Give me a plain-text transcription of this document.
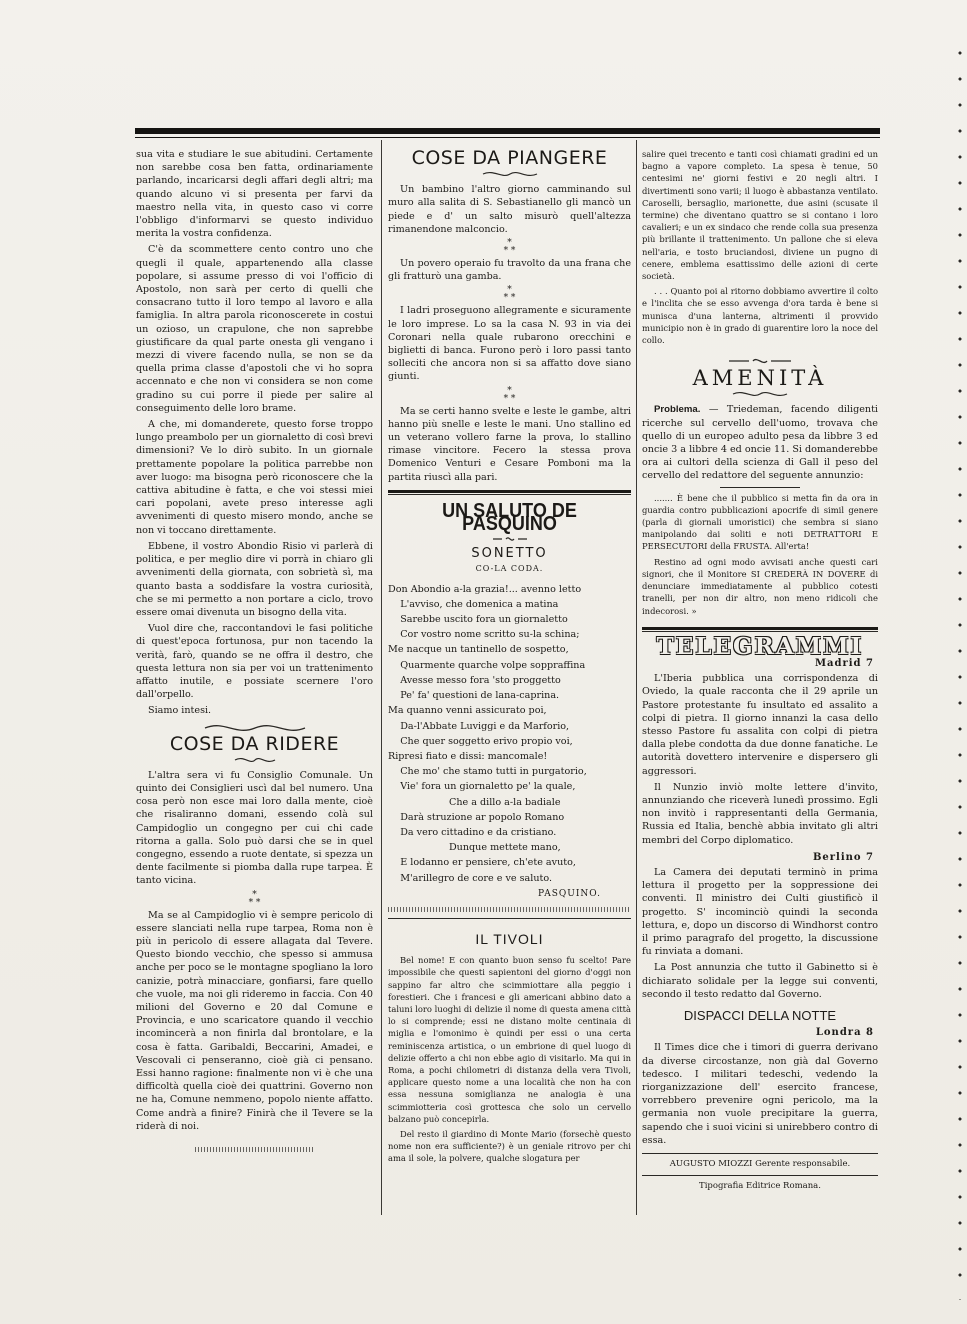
sua vita e studiare le sue abitudini. Certamente non sarebbe cosa ben fatta, ordinariamente parlando, incaricarsi degli affari degli altri; ma quando alcuno vi si presenta per farvi da maestro nella vita, in questo caso vi corre l'obbligo d'informarvi se questo individuo merita la vostra confidenza.

C'è da scommettere cento contro uno che quegli il quale, appartenendo alla classe popolare, si assume presso di voi l'officio di Apostolo, non sarà per certo di quelli che consacrano tutto il loro tempo al lavoro e alla famiglia. In altra parola riconoscerete in costui un ozioso, un crapulone, che non saprebbe giustificare da qual parte onesta gli vengano i mezzi di vivere facendo nulla, se non se da quella prima classe d'apostoli che vi ho sopra accennato e che non vi considera se non come gradino su cui porre il piede per salire al conseguimento delle loro brame.

A che, mi domanderete, questo forse troppo lungo preambolo per un giornaletto di così brevi dimensioni? Ve lo dirò subito. In un giornale prettamente popolare la politica parrebbe non aver luogo: ma bisogna però riconoscere che la cattiva abitudine è fatta, e che voi stessi miei cari popolani, avete preso interesse agli avvenimenti di questo misero mondo, anche se non vi toccano direttamente.

Ebbene, il vostro Abondio Risio vi parlerà di politica, e per meglio dire vi porrà in chiaro gli avvenimenti della giornata, con sobrietà sì, ma quanto basta a soddisfare la vostra curiosità, che se mi permetto a non portare a ciclo, trovo essere omai divenuta un bisogno della vita.

Vuol dire che, raccontandovi le fasi politiche di quest'epoca fortunosa, pur non tacendo la verità, farò, quando se ne offra il destro, che questa lettura non sia per voi un trattenimento affatto inutile, e possiate scernere l'oro dall'orpello.

Siamo intesi.

COSE DA RIDERE

L'altra sera vi fu Consiglio Comunale. Un quinto dei Consiglieri uscì dal bel numero. Una cosa però non esce mai loro dalla mente, cioè che risaliranno domani, essendo colà sul Campidoglio un congegno per cui chi cade ritorna a galla. Solo può darsi che se in quel congegno, essendo a ruote dentate, si spezza un dente facilmente si piomba dalla rupe tarpea. È tanto vicina.

*
* *

Ma se al Campidoglio vi è sempre pericolo di essere slanciati nella rupe tarpea, Roma non è più in pericolo di essere allagata dal Tevere. Questo biondo vecchio, che spesso si ammusa anche per poco se le montagne spogliano la loro canizie, potrà minacciare, gonfiarsi, fare quello che vuole, ma noi gli rideremo in faccia. Con 40 milioni del Governo e 20 dal Comune e Provincia, e uno scaricatore quando il vecchio incomincerà a non finirla dal brontolare, e la cosa è fatta. Garibaldi, Beccarini, Amadei, e Vescovali ci penseranno, cioè già ci pensano. Essi hanno ragione: finalmente non vi è che una difficoltà quella cioè dei quattrini. Governo non ne ha, Comune nemmeno, popolo niente affatto. Come andrà a finire? Finirà che il Tevere se la riderà di noi.

COSE DA PIANGERE

Un bambino l'altro giorno camminando sul muro alla salita di S. Sebastianello gli mancò un piede e d' un salto misurò quell'altezza rimanendone malconcio.

*
* *

Un povero operaio fu travolto da una frana che gli fratturò una gamba.

*
* *

I ladri proseguono allegramente e sicuramente le loro imprese. Lo sa la casa N. 93 in via dei Coronari nella quale rubarono orecchini e biglietti di banca. Furono però i loro passi tanto solleciti che ancora non si sa affatto dove siano giunti.

*
* *

Ma se certi hanno svelte e leste le gambe, altri hanno più snelle e leste le mani. Uno stallino ed un veterano vollero farne la prova, lo stallino rimase vincitore. Fecero la stessa prova Domenico Venturi e Cesare Pomboni ma la partita riuscì alla pari.

UN SALUTO DE PASQUINO
SONETTO
CO-LA CODA.
Don Abondio a-la grazia!... avenno letto
L'avviso, che domenica a matina
Sarebbe uscito fora un giornaletto
Cor vostro nome scritto su-la schina;
Me nacque un tantinello de sospetto,
Quarmente quarche volpe soppraffina
Avesse messo fora 'sto proggetto
Pe' fa' questioni de lana-caprina.
Ma quanno venni assicurato poi,
Da-l'Abbate Luviggi e da Marforio,
Che quer soggetto erivo propio voi,
Ripresi fiato e dissi: mancomale!
Che mo' che stamo tutti in purgatorio,
Vie' fora un giornaletto pe' la quale,
Che a dillo a-la badiale
Darà struzione ar popolo Romano
Da vero cittadino e da cristiano.
Dunque mettete mano,
E lodanno er pensiere, ch'ete avuto,
M'arillegro de core e ve saluto.
PASQUINO.
IL TIVOLI

Bel nome! E con quanto buon senso fu scelto! Pare impossibile che questi sapientoni del giorno d'oggi non sappino far altro che scimmiottare alla peggio i forestieri. Che i francesi e gli americani abbino dato a taluni loro luoghi di delizie il nome di questa amena città lo si comprende; essi ne distano molte centinaia di miglia e l'omonimo è quindi per essi o una certa reminiscenza artistica, o un embrione di quel luogo di delizie offerto a chi non ebbe agio di visitarlo. Ma qui in Roma, a pochi chilometri di distanza della vera Tivoli, applicare questo nome a una località che non ha con essa nessuna somiglianza ne analogia è una scimmiotteria così grottesca che solo un cervello balzano può concepirla.

Del resto il giardino di Monte Mario (forsechè questo nome non era sufficiente?) è un geniale ritrovo per chi ama il sole, la polvere, qualche slogatura per

salire quei trecento e tanti così chiamati gradini ed un bagno a vapore completo. La spesa è tenue, 50 centesimi ne' giorni festivi e 20 negli altri. I divertimenti sono varii; il luogo è abbastanza ventilato. Caroselli, bersaglio, marionette, due asini (scusate il termine) che diventano quattro se si contano i loro cavalieri; e un ex sindaco che rende colla sua presenza più brillante il trattenimento. Un pallone che si eleva nell'aria, e tosto bruciandosi, diviene un pugno di cenere, emblema esattissimo delle azioni di certe società.

. . . Quanto poi al ritorno dobbiamo avvertire il colto e l'inclita che se esso avvenga d'ora tarda è bene si munisca d'una lanterna, altrimenti il provvido municipio non è in grado di guarentire loro la noce del collo.

AMENITÀ

Problema. — Triedeman, facendo diligenti ricerche sul cervello dell'uomo, trovava che quello di un europeo adulto pesa da libbre 3 ed oncie 3 a libbre 4 ed oncie 11. Si domanderebbe ora ai cultori della scienza di Gall il peso del cervello del redattore del seguente annunzio:

....... È bene che il pubblico si metta fin da ora in guardia contro pubblicazioni apocrife di simil genere (parla di giornali umoristici) che sembra si siano manipolando dai soliti e noti DETRATTORI E PERSECUTORI della FRUSTA. All'erta!

Restino ad ogni modo avvisati anche questi cari signori, che il Monitore SI CREDERÀ IN DOVERE di denunciare immediatamente al pubblico cotesti tranelli, per non dir altro, non meno ridicoli che indecorosi. »

TELEGRAMMI
Madrid 7

L'Iberia pubblica una corrispondenza di Oviedo, la quale racconta che il 29 aprile un Pastore protestante fu insultato ed assalito a colpi di pietra. Il giorno innanzi la casa dello stesso Pastore fu assalita con colpi di pietra dalla plebe condotta da due donne fanatiche. Le autorità dovettero intervenire e dispersero gli aggressori.

Il Nunzio inviò molte lettere d'invito, annunziando che riceverà lunedì prossimo. Egli non invitò i rappresentanti della Germania, Russia ed Italia, benchè abbia invitato gli altri membri del Corpo diplomatico.

Berlino 7

La Camera dei deputati terminò in prima lettura il progetto per la soppressione dei conventi. Il ministro dei Culti giustificò il progetto. S' incominciò quindi la seconda lettura, e, dopo un discorso di Windhorst contro il primo paragrafo del progetto, la discussione fu rinviata a domani.

La Post annunzia che tutto il Gabinetto si è dichiarato solidale per la legge sui conventi, secondo il testo redatto dal Governo.

DISPACCI DELLA NOTTE
Londra 8

Il Times dice che i timori di guerra derivano da diverse circostanze, non già dal Governo tedesco. I militari tedeschi, vedendo la riorganizzazione dell' esercito francese, vorrebbero prevenire ogni pericolo, ma la germania non vuole precipitare la guerra, sapendo che i suoi vicini si unirebbero contro di essa.

AUGUSTO MIOZZI Gerente responsabile.
Tipografia Editrice Romana.
